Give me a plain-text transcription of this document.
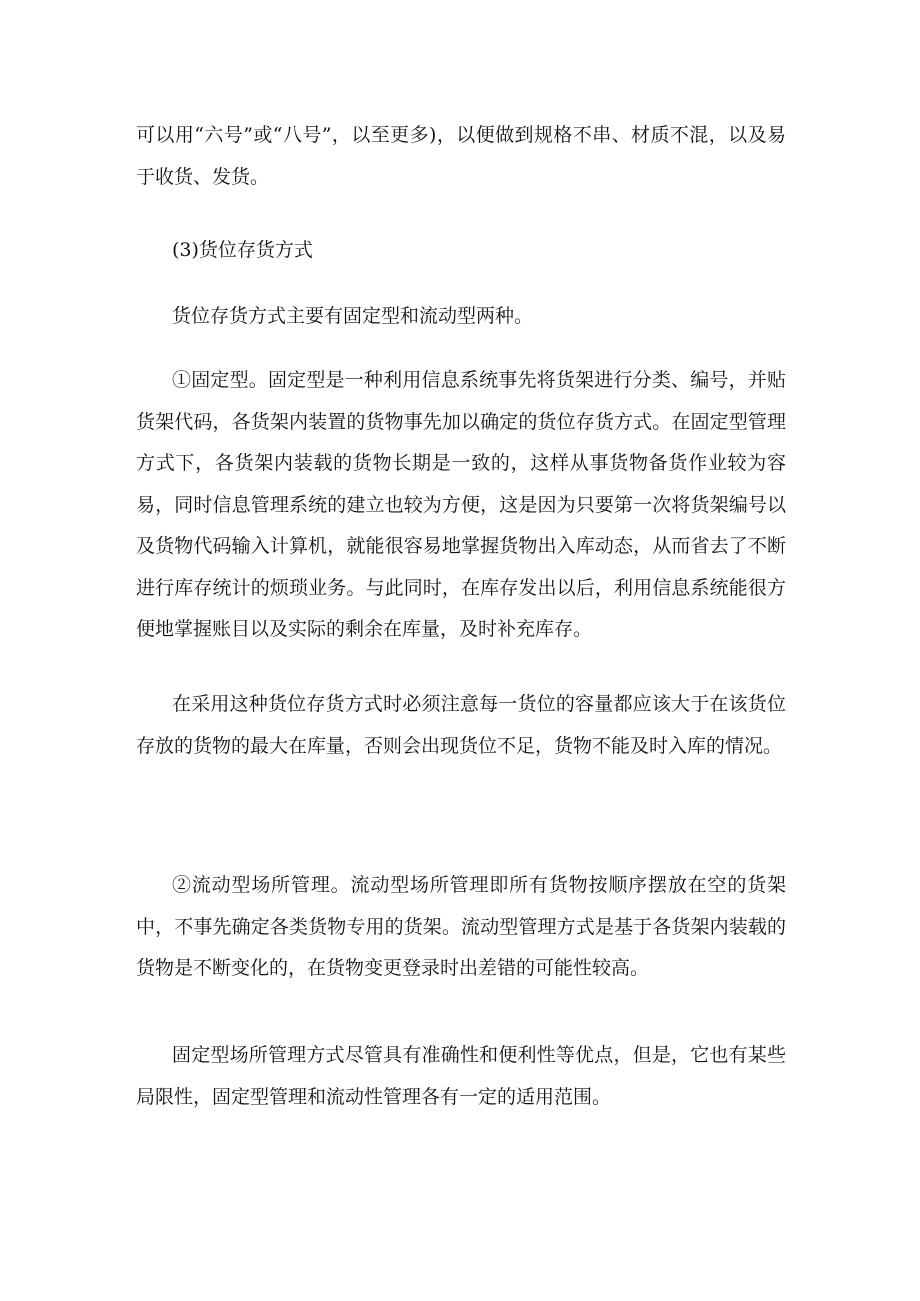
可以用“六号”或“八号”，以至更多)，以便做到规格不串、材质不混，以及易于收货、发货。

(3)货位存货方式

货位存货方式主要有固定型和流动型两种。

①固定型。固定型是一种利用信息系统事先将货架进行分类、编号，并贴货架代码，各货架内装置的货物事先加以确定的货位存货方式。在固定型管理方式下，各货架内装载的货物长期是一致的，这样从事货物备货作业较为容易，同时信息管理系统的建立也较为方便，这是因为只要第一次将货架编号以及货物代码输入计算机，就能很容易地掌握货物出入库动态，从而省去了不断进行库存统计的烦琐业务。与此同时，在库存发出以后，利用信息系统能很方便地掌握账目以及实际的剩余在库量，及时补充库存。

在采用这种货位存货方式时必须注意每一货位的容量都应该大于在该货位存放的货物的最大在库量，否则会出现货位不足，货物不能及时入库的情况。

②流动型场所管理。流动型场所管理即所有货物按顺序摆放在空的货架中，不事先确定各类货物专用的货架。流动型管理方式是基于各货架内装载的货物是不断变化的，在货物变更登录时出差错的可能性较高。

固定型场所管理方式尽管具有准确性和便利性等优点，但是，它也有某些局限性，固定型管理和流动性管理各有一定的适用范围。
